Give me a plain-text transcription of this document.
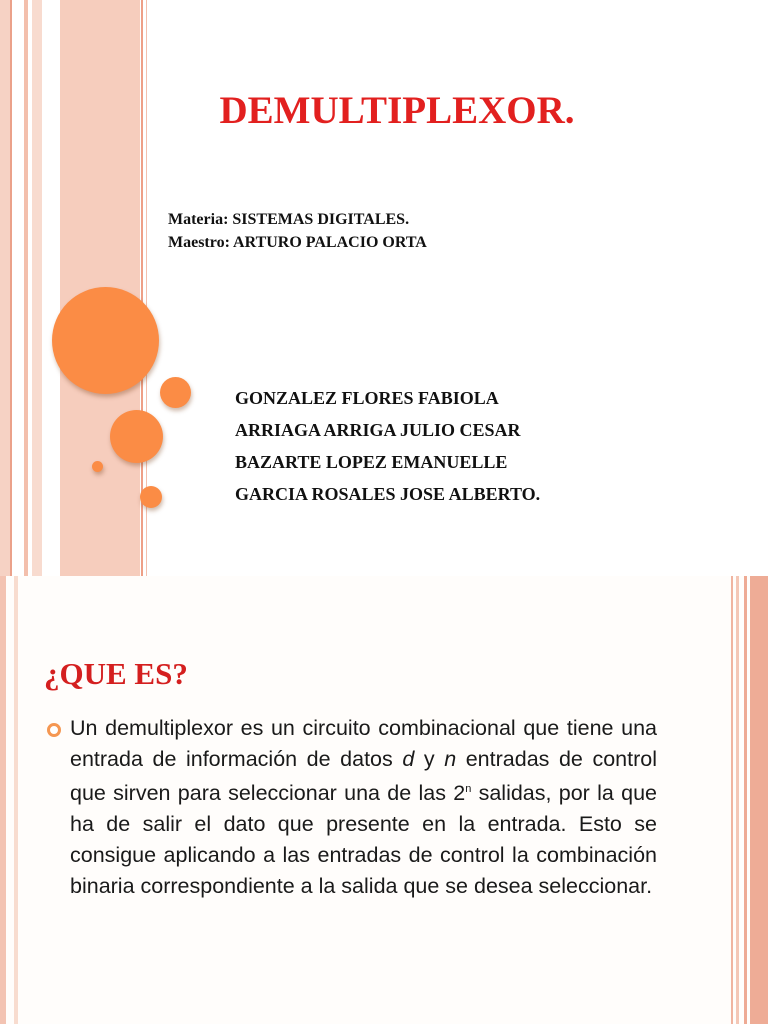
DEMULTIPLEXOR.
Materia: SISTEMAS DIGITALES.
Maestro: ARTURO PALACIO ORTA
GONZALEZ FLORES FABIOLA
ARRIAGA ARRIGA JULIO CESAR
BAZARTE LOPEZ EMANUELLE
GARCIA ROSALES JOSE ALBERTO.
¿QUE ES?
Un demultiplexor es un circuito combinacional que tiene una entrada de información de datos d y n entradas de control que sirven para seleccionar una de las 2$^n$ salidas, por la que ha de salir el dato que presente en la entrada. Esto se consigue aplicando a las entradas de control la combinación binaria correspondiente a la salida que se desea seleccionar.
